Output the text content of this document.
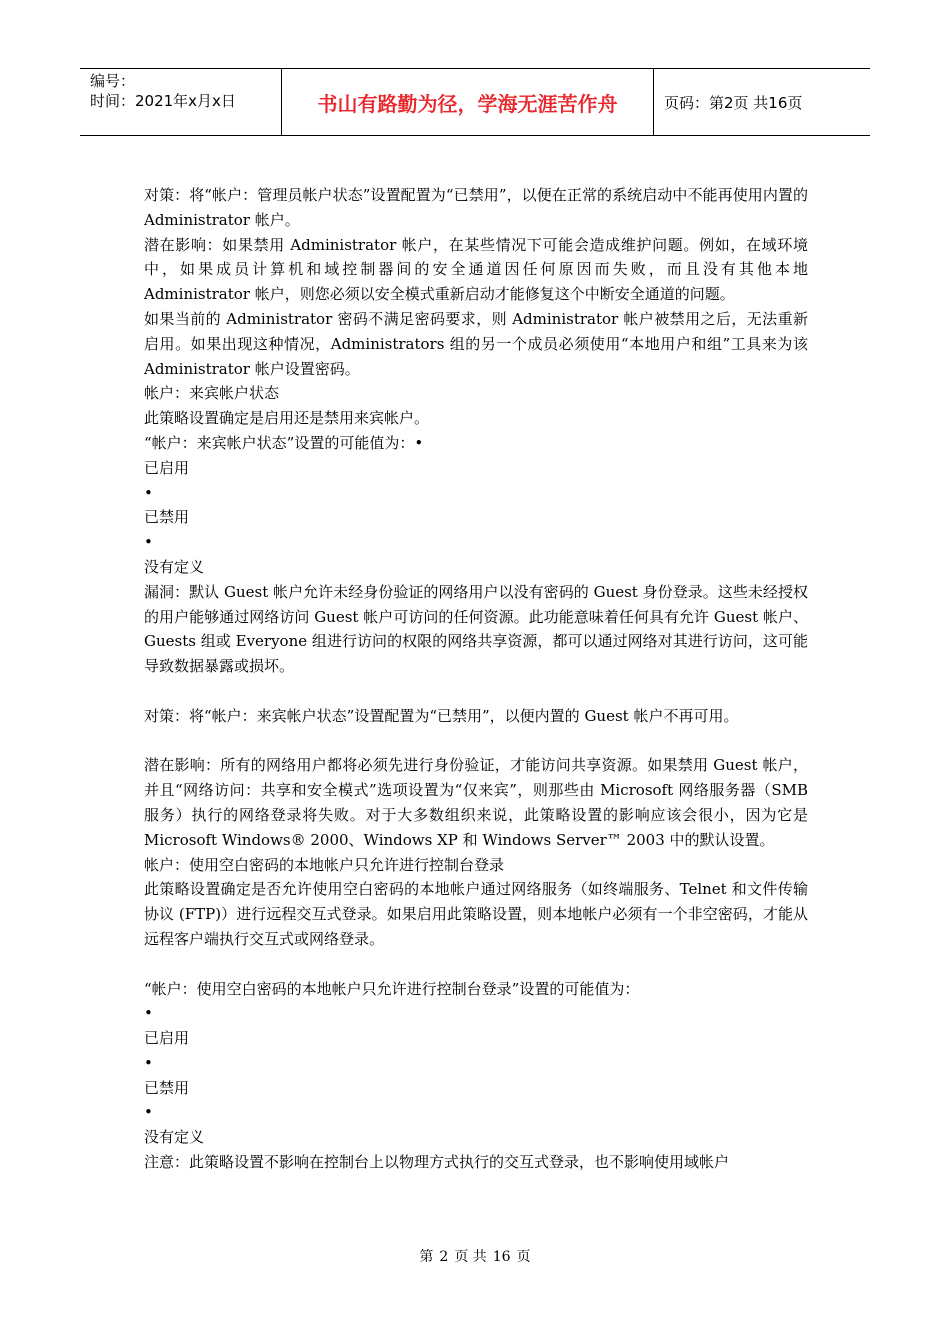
编号：
时间：2021年x月x日	书山有路勤为径，学海无涯苦作舟	页码：第2页 共16页

对策：将“帐户：管理员帐户状态”设置配置为“已禁用”，以便在正常的系统启动中不能再使用内置的 Administrator 帐户。

潜在影响：如果禁用 Administrator 帐户，在某些情况下可能会造成维护问题。例如，在域环境中，如果成员计算机和域控制器间的安全通道因任何原因而失败，而且没有其他本地 Administrator 帐户，则您必须以安全模式重新启动才能修复这个中断安全通道的问题。

如果当前的 Administrator 密码不满足密码要求，则 Administrator 帐户被禁用之后，无法重新启用。如果出现这种情况，Administrators 组的另一个成员必须使用“本地用户和组”工具来为该 Administrator 帐户设置密码。

帐户：来宾帐户状态

此策略设置确定是启用还是禁用来宾帐户。

“帐户：来宾帐户状态”设置的可能值为：•

已启用

•

已禁用

•

没有定义

漏洞：默认 Guest 帐户允许未经身份验证的网络用户以没有密码的 Guest 身份登录。这些未经授权的用户能够通过网络访问 Guest 帐户可访问的任何资源。此功能意味着任何具有允许 Guest 帐户、Guests 组或 Everyone 组进行访问的权限的网络共享资源，都可以通过网络对其进行访问，这可能导致数据暴露或损坏。

对策：将“帐户：来宾帐户状态”设置配置为“已禁用”，以便内置的 Guest 帐户不再可用。

潜在影响：所有的网络用户都将必须先进行身份验证，才能访问共享资源。如果禁用 Guest 帐户，并且“网络访问：共享和安全模式”选项设置为“仅来宾”，则那些由 Microsoft 网络服务器（SMB 服务）执行的网络登录将失败。对于大多数组织来说，此策略设置的影响应该会很小，因为它是 Microsoft Windows® 2000、Windows XP 和 Windows Server™ 2003 中的默认设置。

帐户：使用空白密码的本地帐户只允许进行控制台登录

此策略设置确定是否允许使用空白密码的本地帐户通过网络服务（如终端服务、Telnet 和文件传输协议 (FTP)）进行远程交互式登录。如果启用此策略设置，则本地帐户必须有一个非空密码，才能从远程客户端执行交互式或网络登录。

“帐户：使用空白密码的本地帐户只允许进行控制台登录”设置的可能值为：

•

已启用

•

已禁用

•

没有定义

注意：此策略设置不影响在控制台上以物理方式执行的交互式登录，也不影响使用域帐户

第 2 页 共 16 页
